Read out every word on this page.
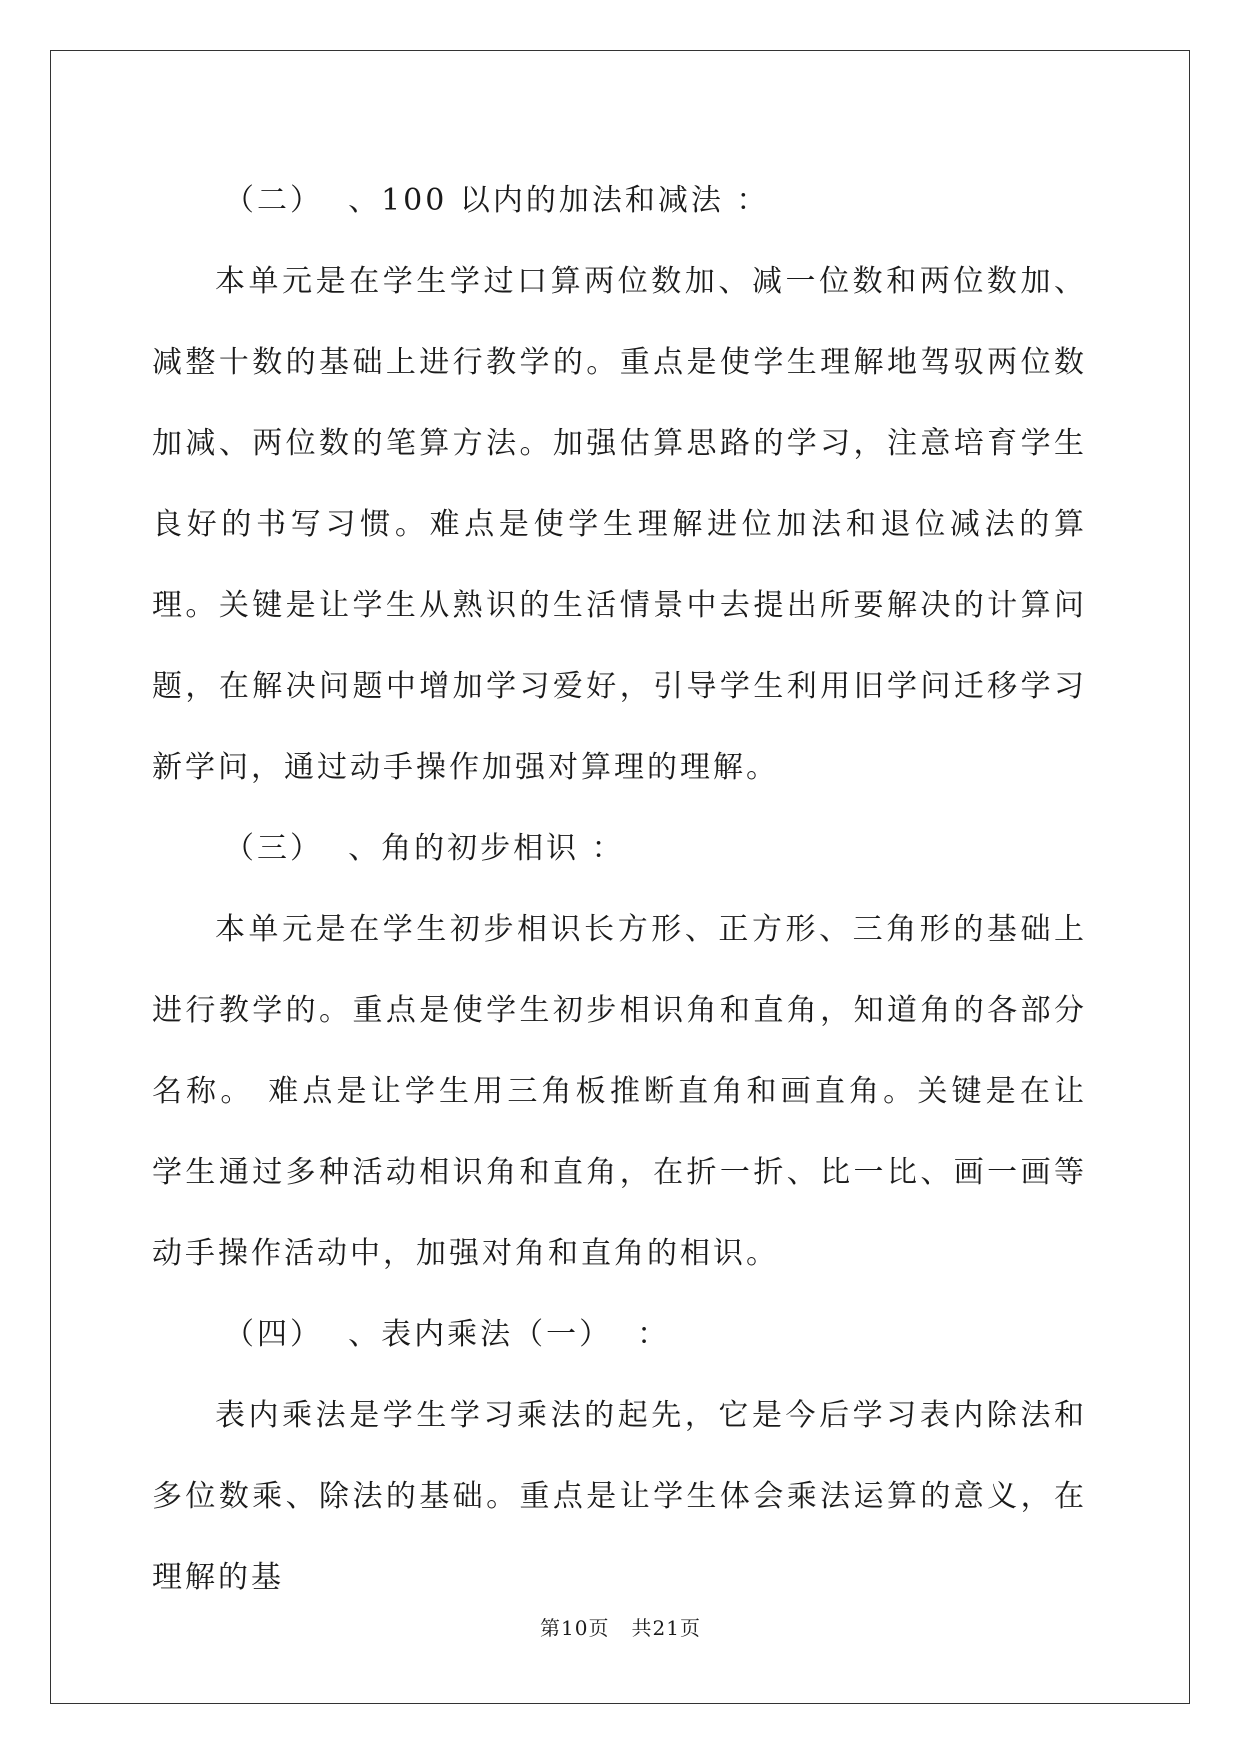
（二）  、100 以内的加法和减法 ：

本单元是在学生学过口算两位数加、减一位数和两位数加、减整十数的基础上进行教学的。重点是使学生理解地驾驭两位数加减、两位数的笔算方法。加强估算思路的学习，注意培育学生良好的书写习惯。难点是使学生理解进位加法和退位减法的算理。关键是让学生从熟识的生活情景中去提出所要解决的计算问题，在解决问题中增加学习爱好，引导学生利用旧学问迁移学习新学问，通过动手操作加强对算理的理解。

（三）  、角的初步相识 ：

本单元是在学生初步相识长方形、正方形、三角形的基础上进行教学的。重点是使学生初步相识角和直角，知道角的各部分名称。 难点是让学生用三角板推断直角和画直角。关键是在让学生通过多种活动相识角和直角，在折一折、比一比、画一画等动手操作活动中，加强对角和直角的相识。

（四）  、表内乘法（一）  ：

表内乘法是学生学习乘法的起先，它是今后学习表内除法和多位数乘、除法的基础。重点是让学生体会乘法运算的意义，在理解的基

第10页   共21页
